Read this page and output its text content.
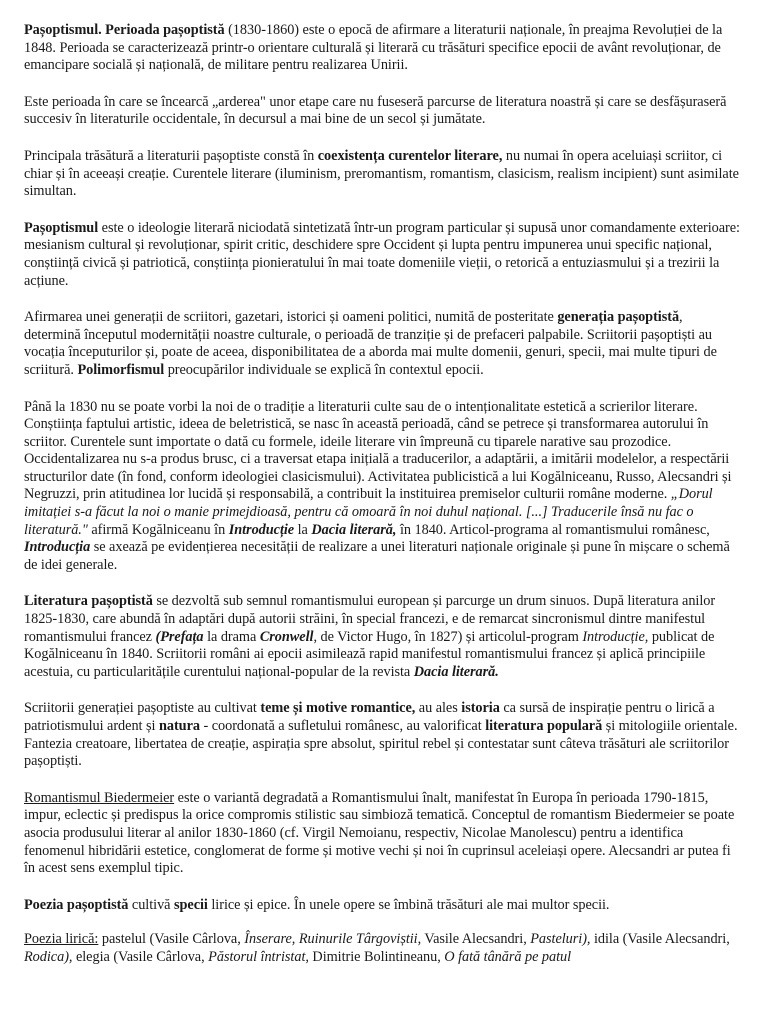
Pașoptismul. Perioada pașoptistă (1830-1860) este o epocă de afirmare a literaturii naționale, în preajma Revoluției de la 1848. Perioada se caracterizează printr-o orientare culturală și literară cu trăsături specifice epocii de avânt revoluționar, de emancipare socială și națională, de militare pentru realizarea Unirii.

Este perioada în care se încearcă „arderea" unor etape care nu fuseseră parcurse de literatura noastră și care se desfășuraseră succesiv în literaturile occidentale, în decursul a mai bine de un secol și jumătate.

Principala trăsătură a literaturii pașoptiste constă în coexistența curentelor literare, nu numai în opera aceluiași scriitor, ci chiar și în aceeași creație. Curentele literare (iluminism, preromantism, romantism, clasicism, realism incipient) sunt asimilate simultan.

Pașoptismul este o ideologie literară niciodată sintetizată într-un program particular și supusă unor comandamente exterioare: mesianism cultural și revoluționar, spirit critic, deschidere spre Occident și lupta pentru impunerea unui specific național, conștiință civică și patriotică, conștiința pionieratului în mai toate domeniile vieții, o retorică a entuziasmului și a trezirii la acțiune.

Afirmarea unei generații de scriitori, gazetari, istorici și oameni politici, numită de posteritate generația pașoptistă, determină începutul modernității noastre culturale, o perioadă de tranziție și de prefaceri palpabile. Scriitorii pașoptiști au vocația începuturilor și, poate de aceea, disponibilitatea de a aborda mai multe domenii, genuri, specii, mai multe tipuri de scriitură. Polimorfismul preocupărilor individuale se explică în contextul epocii.

Până la 1830 nu se poate vorbi la noi de o tradiție a literaturii culte sau de o intenționalitate estetică a scrierilor literare. Conștiința faptului artistic, ideea de beletristică, se nasc în această perioadă, când se petrece și transformarea autorului în scriitor. Curentele sunt importate o dată cu formele, ideile literare vin împreună cu tiparele narative sau prozodice. Occidentalizarea nu s-a produs brusc, ci a traversat etapa inițială a traducerilor, a adaptării, a imitării modelelor, a respectării structurilor date (în fond, conform ideologiei clasicismului). Activitatea publicistică a lui Kogălniceanu, Russo, Alecsandri și Negruzzi, prin atitudinea lor lucidă și responsabilă, a contribuit la instituirea premiselor culturii române moderne. „Dorul imitației s-a făcut la noi o manie primejdioasă, pentru că omoară în noi duhul național. [...] Traducerile însă nu fac o literatură." afirmă Kogălniceanu în Introducție la Dacia literară, în 1840. Articol-programa al romantismului românesc, Introducția se axează pe evidențierea necesității de realizare a unei literaturi naționale originale și pune în mișcare o schemă de idei generale.

Literatura pașoptistă se dezvoltă sub semnul romantismului european și parcurge un drum sinuos. După literatura anilor 1825-1830, care abundă în adaptări după autorii străini, în special francezi, e de remarcat sincronismul dintre manifestul romantismului francez (Prefața la drama Cronwell, de Victor Hugo, în 1827) și articolul-program Introducție, publicat de Kogălniceanu în 1840. Scriitorii români ai epocii asimilează rapid manifestul romantismului francez și aplică principiile acestuia, cu particularitățile curentului național-popular de la revista Dacia literară.

Scriitorii generației pașoptiste au cultivat teme și motive romantice, au ales istoria ca sursă de inspirație pentru o lirică a patriotismului ardent și natura - coordonată a sufletului românesc, au valorificat literatura populară și mitologiile orientale. Fantezia creatoare, libertatea de creație, aspirația spre absolut, spiritul rebel și contestatar sunt câteva trăsături ale scriitorilor pașoptiști.

Romantismul Biedermeier este o variantă degradată a Romantismului înalt, manifestat în Europa în perioada 1790-1815, impur, eclectic și predispus la orice compromis stilistic sau simbioză tematică. Conceptul de romantism Biedermeier se poate asocia produsului literar al anilor 1830-1860 (cf. Virgil Nemoianu, respectiv, Nicolae Manolescu) pentru a identifica fenomenul hibridării estetice, conglomerat de forme și motive vechi și noi în cuprinsul aceleiași opere. Alecsandri ar putea fi în acest sens exemplul tipic.

Poezia pașoptistă cultivă specii lirice și epice. În unele opere se îmbină trăsături ale mai multor specii.

Poezia lirică: pastelul (Vasile Cârlova, Înserare, Ruinurile Târgoviștii, Vasile Alecsandri, Pasteluri), idila (Vasile Alecsandri, Rodica), elegia (Vasile Cârlova, Păstorul întristat, Dimitrie Bolintineanu, O fată tânără pe patul
